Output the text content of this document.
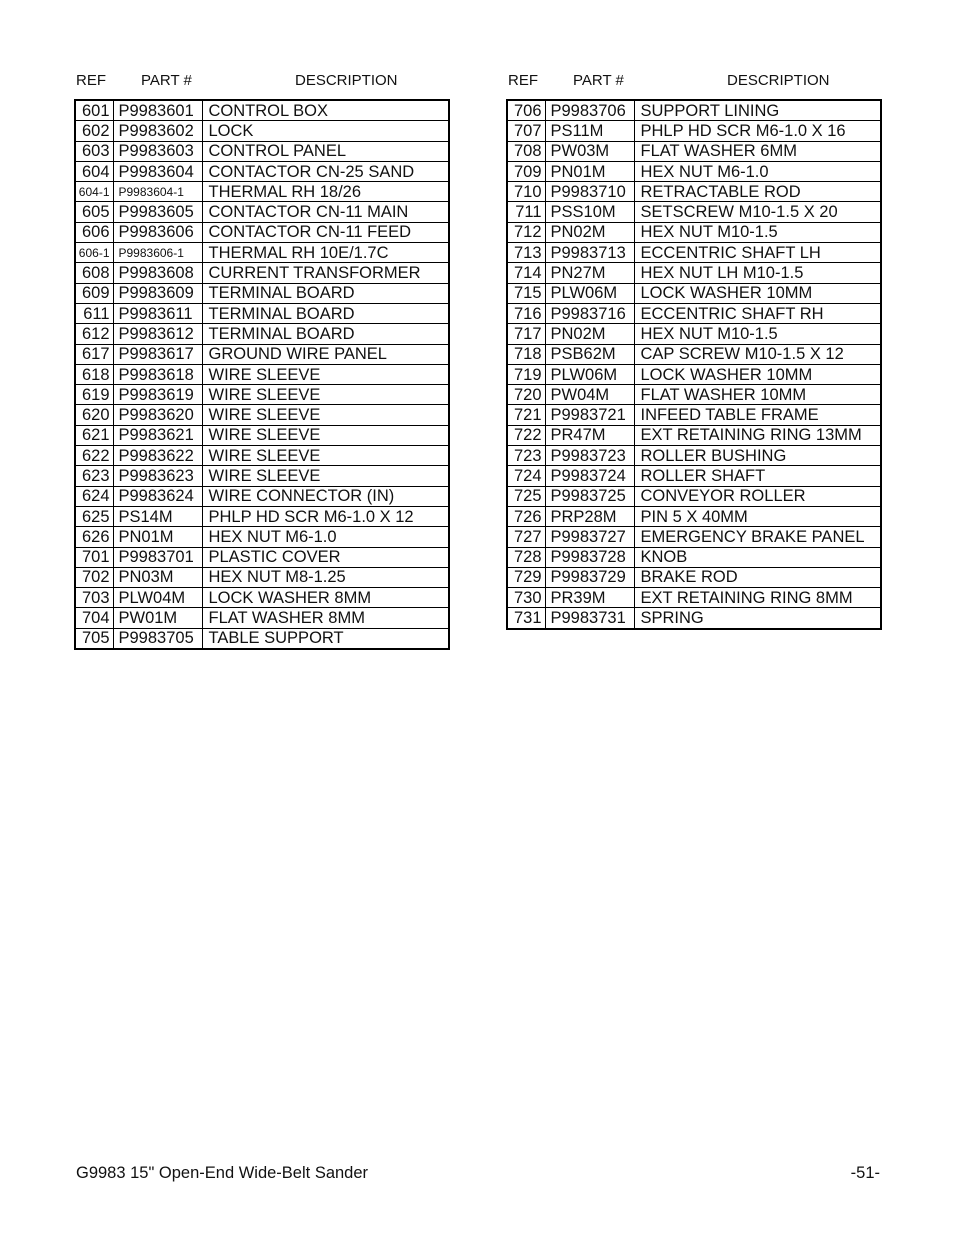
REF PART #	DESCRIPTION	REF PART #	DESCRIPTION
601	P9983601	CONTROL BOX
602	P9983602	LOCK
603	P9983603	CONTROL PANEL
604	P9983604	CONTACTOR CN-25 SAND
604-1	P9983604-1	THERMAL RH 18/26
605	P9983605	CONTACTOR CN-11 MAIN
606	P9983606	CONTACTOR CN-11 FEED
606-1	P9983606-1	THERMAL RH 10E/1.7C
608	P9983608	CURRENT TRANSFORMER
609	P9983609	TERMINAL BOARD
611	P9983611	TERMINAL BOARD
612	P9983612	TERMINAL BOARD
617	P9983617	GROUND WIRE PANEL
618	P9983618	WIRE SLEEVE
619	P9983619	WIRE SLEEVE
620	P9983620	WIRE SLEEVE
621	P9983621	WIRE SLEEVE
622	P9983622	WIRE SLEEVE
623	P9983623	WIRE SLEEVE
624	P9983624	WIRE CONNECTOR (IN)
625	PS14M	PHLP HD SCR M6-1.0 X 12
626	PN01M	HEX NUT M6-1.0
701	P9983701	PLASTIC COVER
702	PN03M	HEX NUT M8-1.25
703	PLW04M	LOCK WASHER 8MM
704	PW01M	FLAT WASHER 8MM
705	P9983705	TABLE SUPPORT
706	P9983706	SUPPORT LINING
707	PS11M	PHLP HD SCR M6-1.0 X 16
708	PW03M	FLAT WASHER 6MM
709	PN01M	HEX NUT M6-1.0
710	P9983710	RETRACTABLE ROD
711	PSS10M	SETSCREW M10-1.5 X 20
712	PN02M	HEX NUT M10-1.5
713	P9983713	ECCENTRIC SHAFT LH
714	PN27M	HEX NUT LH M10-1.5
715	PLW06M	LOCK WASHER 10MM
716	P9983716	ECCENTRIC SHAFT RH
717	PN02M	HEX NUT M10-1.5
718	PSB62M	CAP SCREW M10-1.5 X 12
719	PLW06M	LOCK WASHER 10MM
720	PW04M	FLAT WASHER 10MM
721	P9983721	INFEED TABLE FRAME
722	PR47M	EXT RETAINING RING 13MM
723	P9983723	ROLLER BUSHING
724	P9983724	ROLLER SHAFT
725	P9983725	CONVEYOR ROLLER
726	PRP28M	PIN 5 X 40MM
727	P9983727	EMERGENCY BRAKE PANEL
728	P9983728	KNOB
729	P9983729	BRAKE ROD
730	PR39M	EXT RETAINING RING 8MM
731	P9983731	SPRING
G9983 15" Open-End Wide-Belt Sander	-51-
